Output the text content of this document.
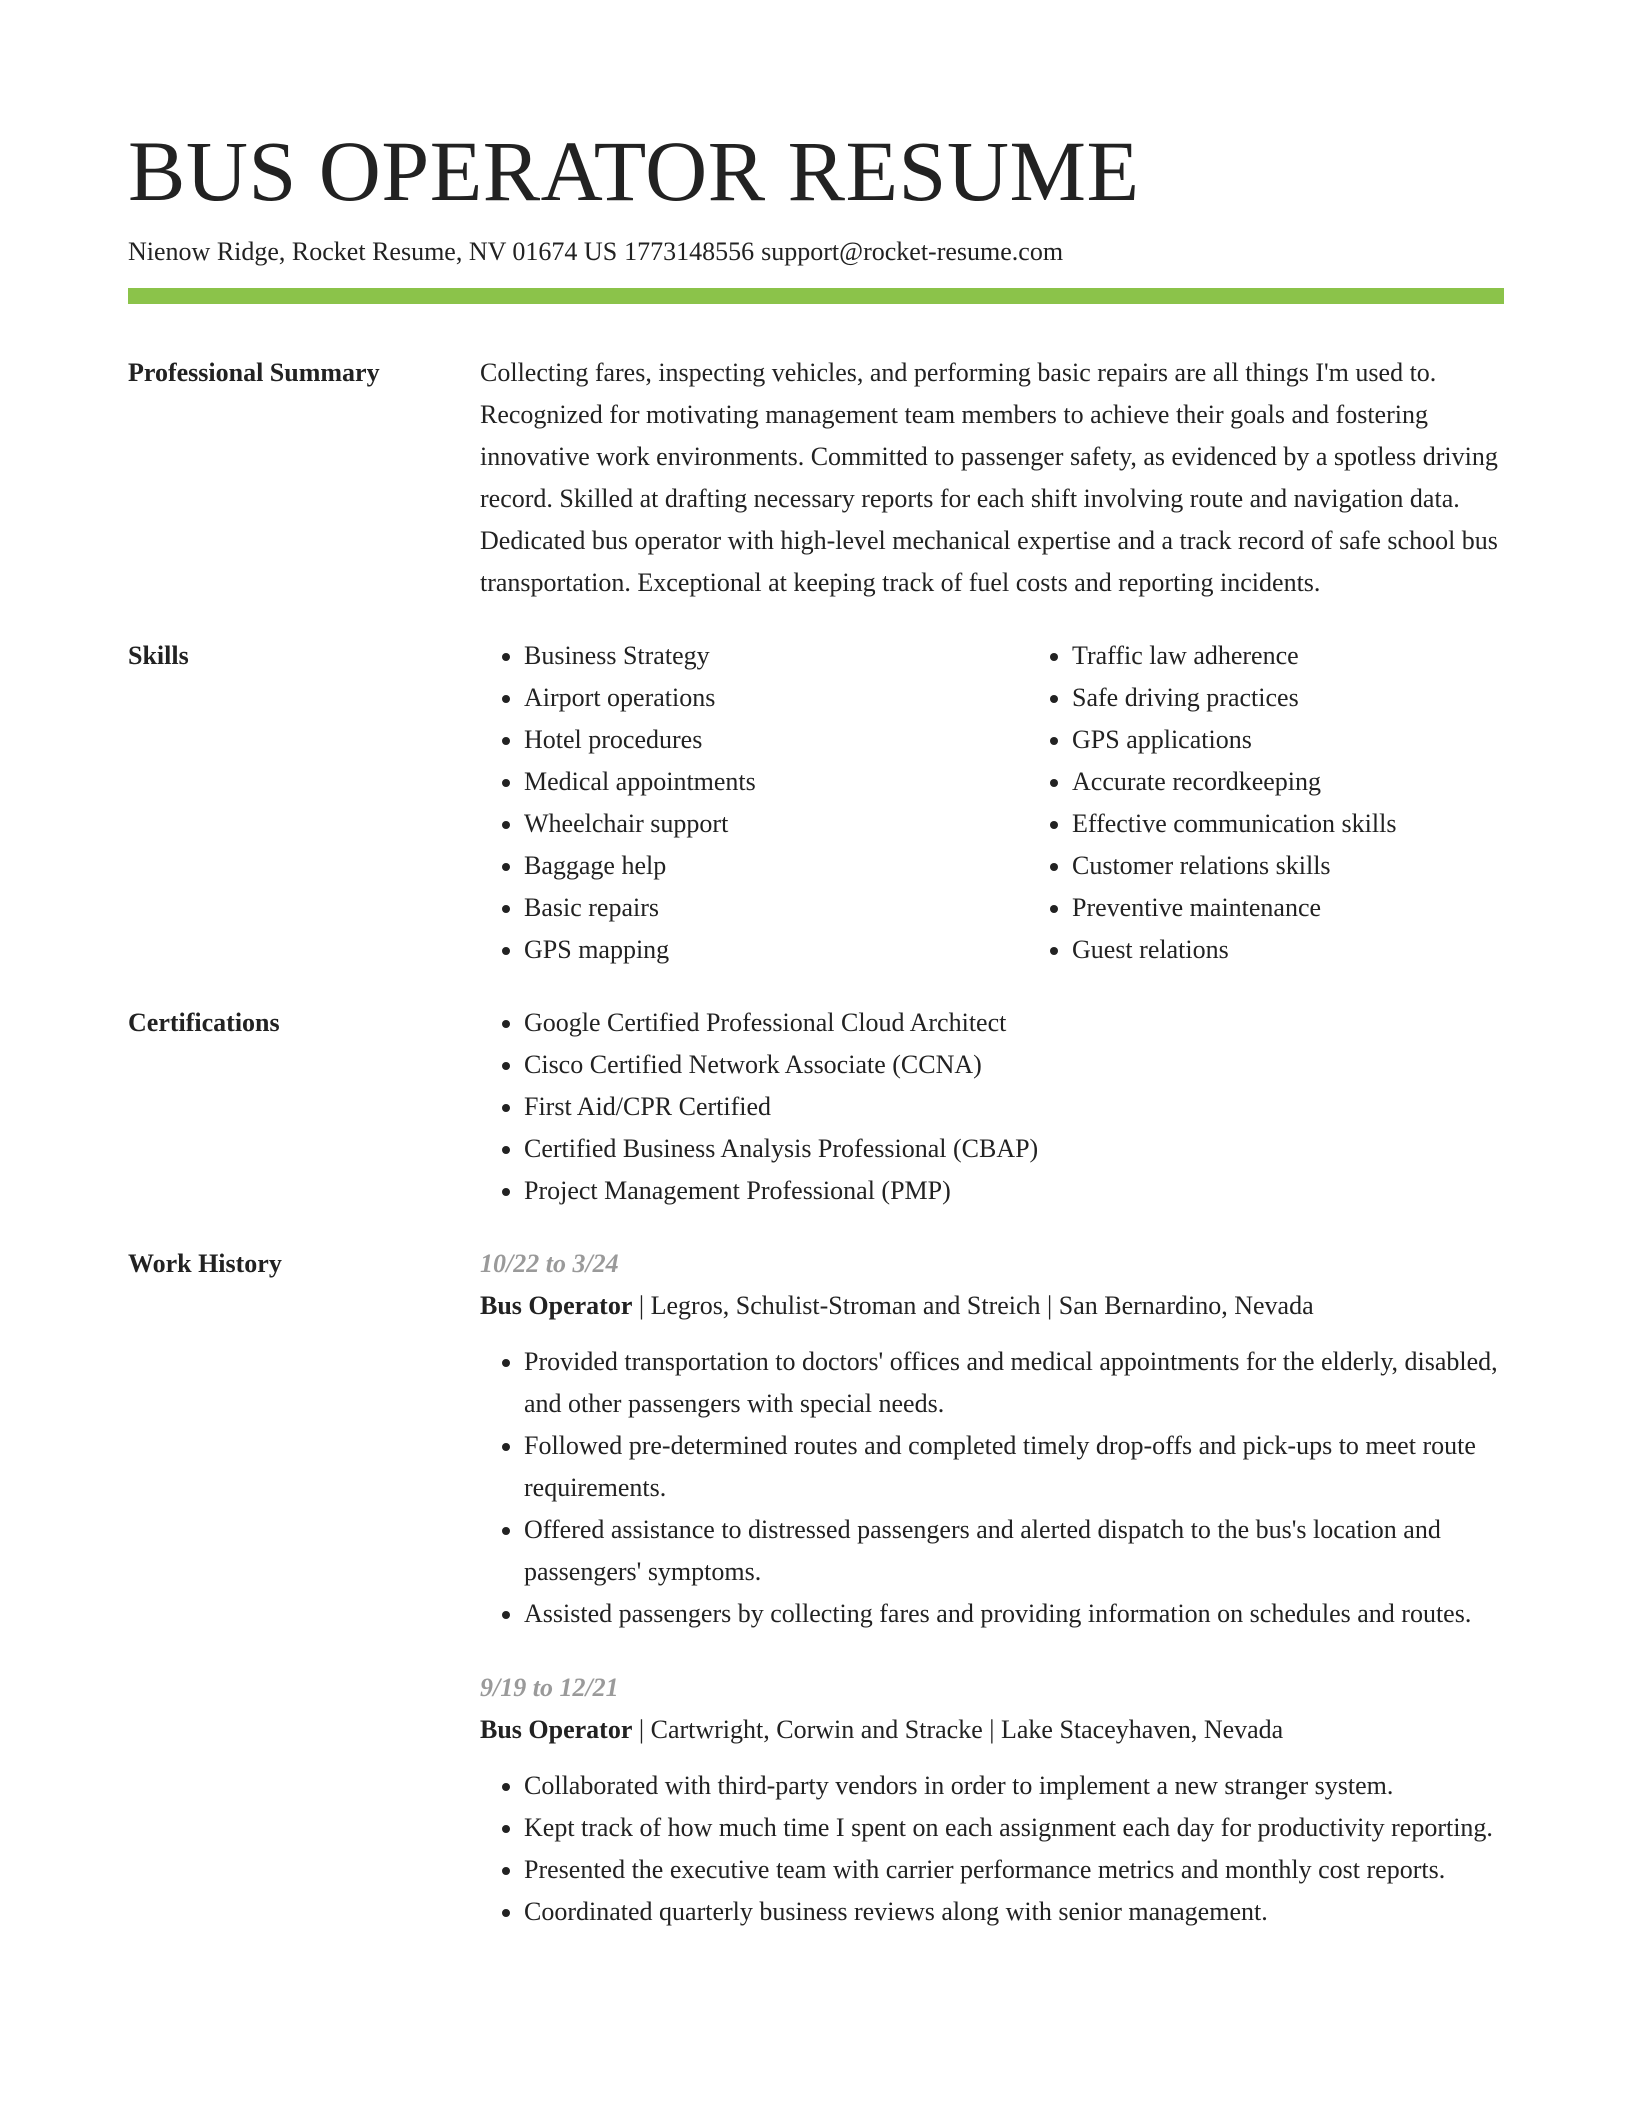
BUS OPERATOR RESUME
Nienow Ridge, Rocket Resume, NV 01674 US 1773148556 support@rocket-resume.com
Professional Summary	Collecting fares, inspecting vehicles, and performing basic repairs are all things I'm used to. Recognized for motivating management team members to achieve their goals and fostering innovative work environments. Committed to passenger safety, as evidenced by a spotless driving record. Skilled at drafting necessary reports for each shift involving route and navigation data. Dedicated bus operator with high-level mechanical expertise and a track record of safe school bus transportation. Exceptional at keeping track of fuel costs and reporting incidents.

Skills	• Business Strategy
• Airport operations
• Hotel procedures
• Medical appointments
• Wheelchair support
• Baggage help
• Basic repairs
• GPS mapping
• Traffic law adherence
• Safe driving practices
• GPS applications
• Accurate recordkeeping
• Effective communication skills
• Customer relations skills
• Preventive maintenance
• Guest relations
Certifications	• Google Certified Professional Cloud Architect
• Cisco Certified Network Associate (CCNA)
• First Aid/CPR Certified
• Certified Business Analysis Professional (CBAP)
• Project Management Professional (PMP)
Work History	10/22 to 3/24
Bus Operator | Legros, Schulist-Stroman and Streich | San Bernardino, Nevada
• Provided transportation to doctors' offices and medical appointments for the elderly, disabled, and other passengers with special needs.
• Followed pre-determined routes and completed timely drop-offs and pick-ups to meet route requirements.
• Offered assistance to distressed passengers and alerted dispatch to the bus's location and passengers' symptoms.
• Assisted passengers by collecting fares and providing information on schedules and routes.
9/19 to 12/21
Bus Operator | Cartwright, Corwin and Stracke | Lake Staceyhaven, Nevada
• Collaborated with third-party vendors in order to implement a new stranger system.
• Kept track of how much time I spent on each assignment each day for productivity reporting.
• Presented the executive team with carrier performance metrics and monthly cost reports.
• Coordinated quarterly business reviews along with senior management.
